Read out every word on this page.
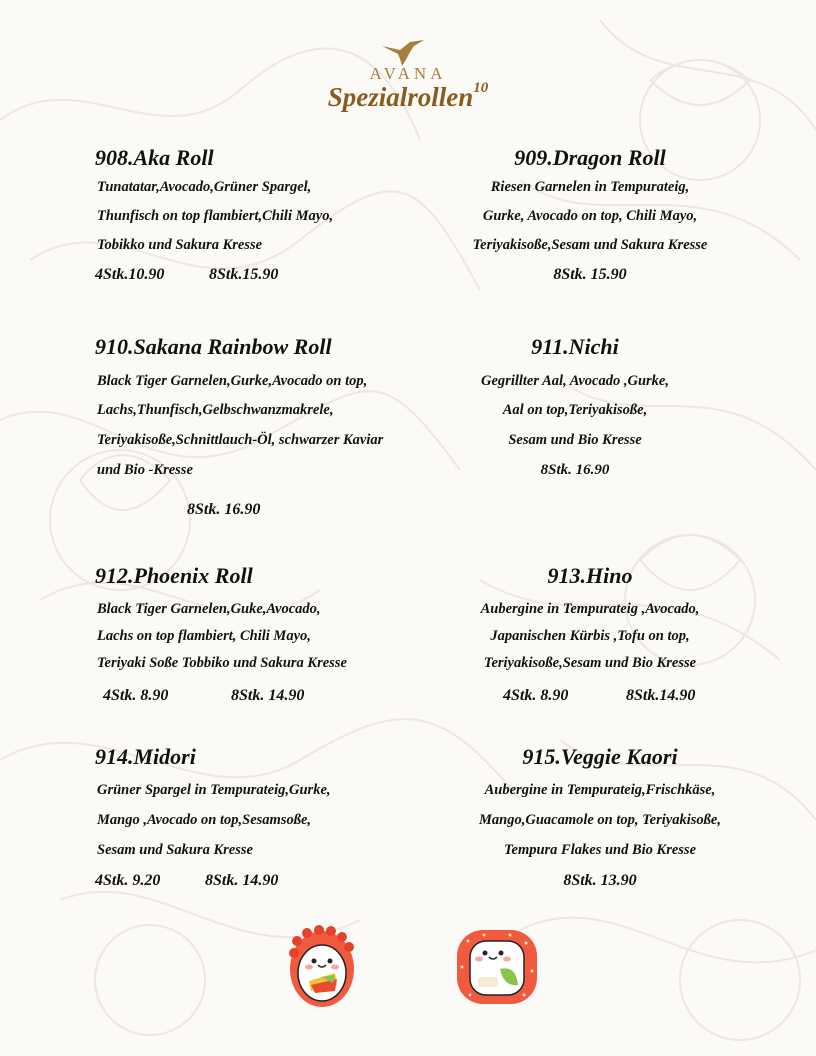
AVANA
Spezialrollen$^{10}$
908.Aka Roll
Tunatatar,Avocado,Grüner Spargel,
Thunfisch on top flambiert,Chili Mayo,
Tobikko und Sakura Kresse
4Stk.10.90	8Stk.15.90
909.Dragon Roll
Riesen Garnelen in Tempurateig,
Gurke, Avocado on top, Chili Mayo,
Teriyakisoße,Sesam und Sakura Kresse
8Stk. 15.90
910.Sakana Rainbow Roll
Black Tiger Garnelen,Gurke,Avocado on top,
Lachs,Thunfisch,Gelbschwanzmakrele,
Teriyakisoße,Schnittlauch-Öl, schwarzer Kaviar
und Bio -Kresse
8Stk. 16.90
911.Nichi
Gegrillter Aal, Avocado ,Gurke,
Aal on top,Teriyakisoße,
Sesam und Bio Kresse
8Stk. 16.90
912.Phoenix Roll
Black Tiger Garnelen,Guke,Avocado,
Lachs on top flambiert, Chili Mayo,
Teriyaki Soße Tobbiko und Sakura Kresse
4Stk. 8.90	8Stk. 14.90
913.Hino
Aubergine in Tempurateig ,Avocado,
Japanischen Kürbis ,Tofu on top,
Teriyakisoße,Sesam und Bio Kresse
4Stk. 8.90	8Stk.14.90
914.Midori
Grüner Spargel in Tempurateig,Gurke,
Mango ,Avocado on top,Sesamsoße,
Sesam und Sakura Kresse
4Stk. 9.20	8Stk. 14.90
915.Veggie Kaori
Aubergine in Tempurateig,Frischkäse,
Mango,Guacamole on top, Teriyakisoße,
Tempura Flakes und Bio Kresse
8Stk. 13.90
